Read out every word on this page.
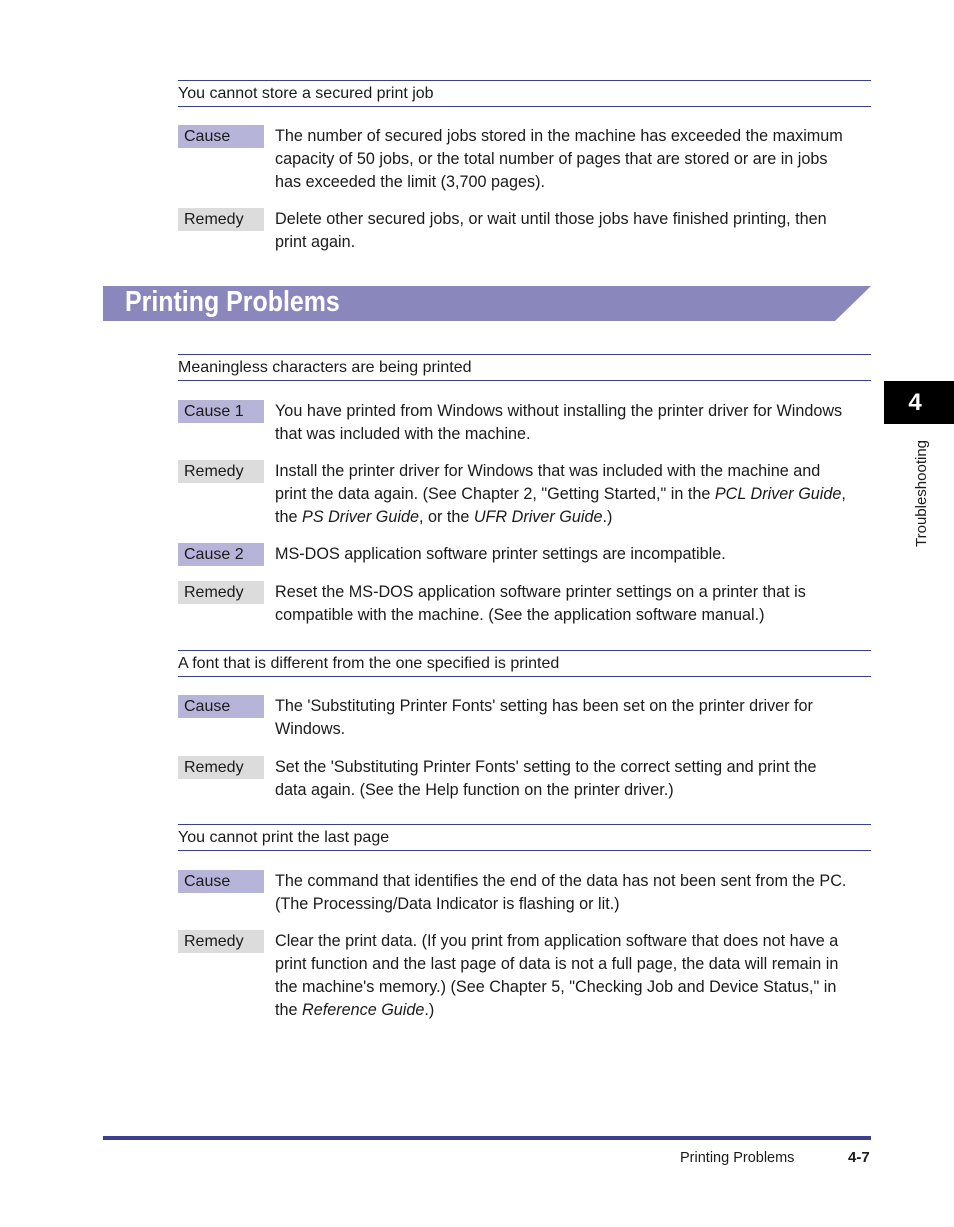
You cannot store a secured print job
Cause	The number of secured jobs stored in the machine has exceeded the maximum
capacity of 50 jobs, or the total number of pages that are stored or are in jobs
has exceeded the limit (3,700 pages).
Remedy	Delete other secured jobs, or wait until those jobs have finished printing, then
print again.
Printing Problems
Meaningless characters are being printed
Cause 1	You have printed from Windows without installing the printer driver for Windows
that was included with the machine.
Remedy	Install the printer driver for Windows that was included with the machine and
print the data again. (See Chapter 2, "Getting Started," in the PCL Driver Guide,
the PS Driver Guide, or the UFR Driver Guide.)
Cause 2	MS-DOS application software printer settings are incompatible.
Remedy	Reset the MS-DOS application software printer settings on a printer that is
compatible with the machine. (See the application software manual.)
A font that is different from the one specified is printed
Cause	The 'Substituting Printer Fonts' setting has been set on the printer driver for
Windows.
Remedy	Set the 'Substituting Printer Fonts' setting to the correct setting and print the
data again. (See the Help function on the printer driver.)
You cannot print the last page
Cause	The command that identifies the end of the data has not been sent from the PC.
(The Processing/Data Indicator is flashing or lit.)
Remedy	Clear the print data. (If you print from application software that does not have a
print function and the last page of data is not a full page, the data will remain in
the machine's memory.) (See Chapter 5, "Checking Job and Device Status," in
the Reference Guide.)
4
Troubleshooting
Printing Problems	4-7
